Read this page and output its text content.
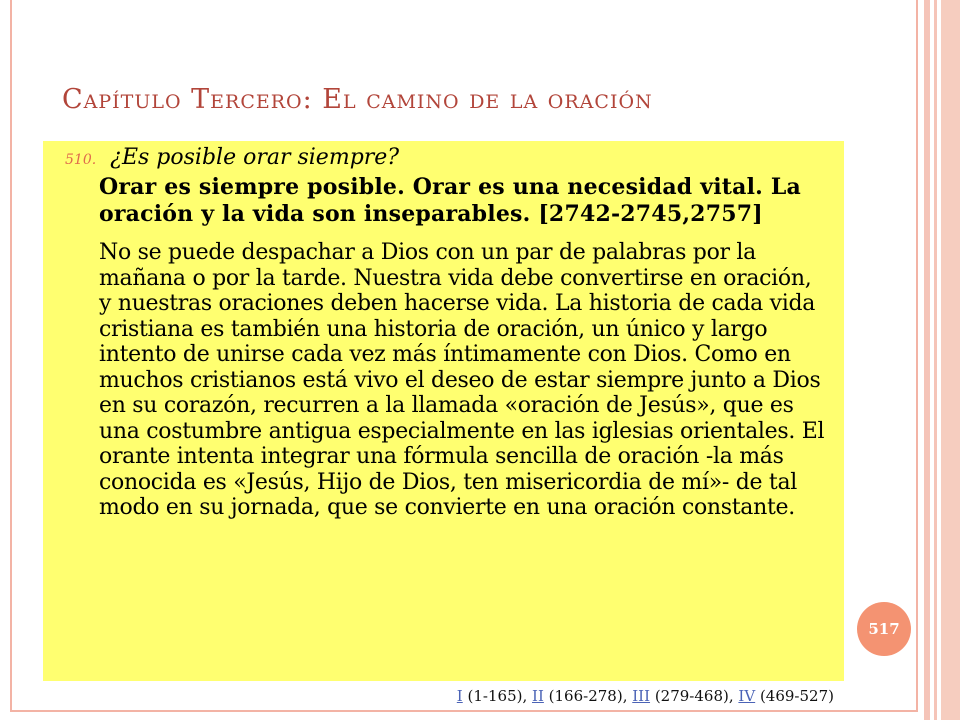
Capítulo Tercero: El camino de la oración
510. ¿Es posible orar siempre?

Orar es siempre posible. Orar es una necesidad vital. La oración y la vida son inseparables. [2742-2745,2757]

No se puede despachar a Dios con un par de palabras por la mañana o por la tarde. Nuestra vida debe convertirse en oración, y nuestras oraciones deben hacerse vida. La historia de cada vida cristiana es también una historia de oración, un único y largo intento de unirse cada vez más íntimamente con Dios. Como en muchos cristianos está vivo el deseo de estar siempre junto a Dios en su corazón, recurren a la llamada «oración de Jesús», que es una costumbre antigua especialmente en las iglesias orientales. El orante intenta integrar una fórmula sencilla de oración -la más conocida es «Jesús, Hijo de Dios, ten misericordia de mí»- de tal modo en su jornada, que se convierte en una oración constante.

517
I (1-165), II (166-278), III (279-468), IV (469-527)
